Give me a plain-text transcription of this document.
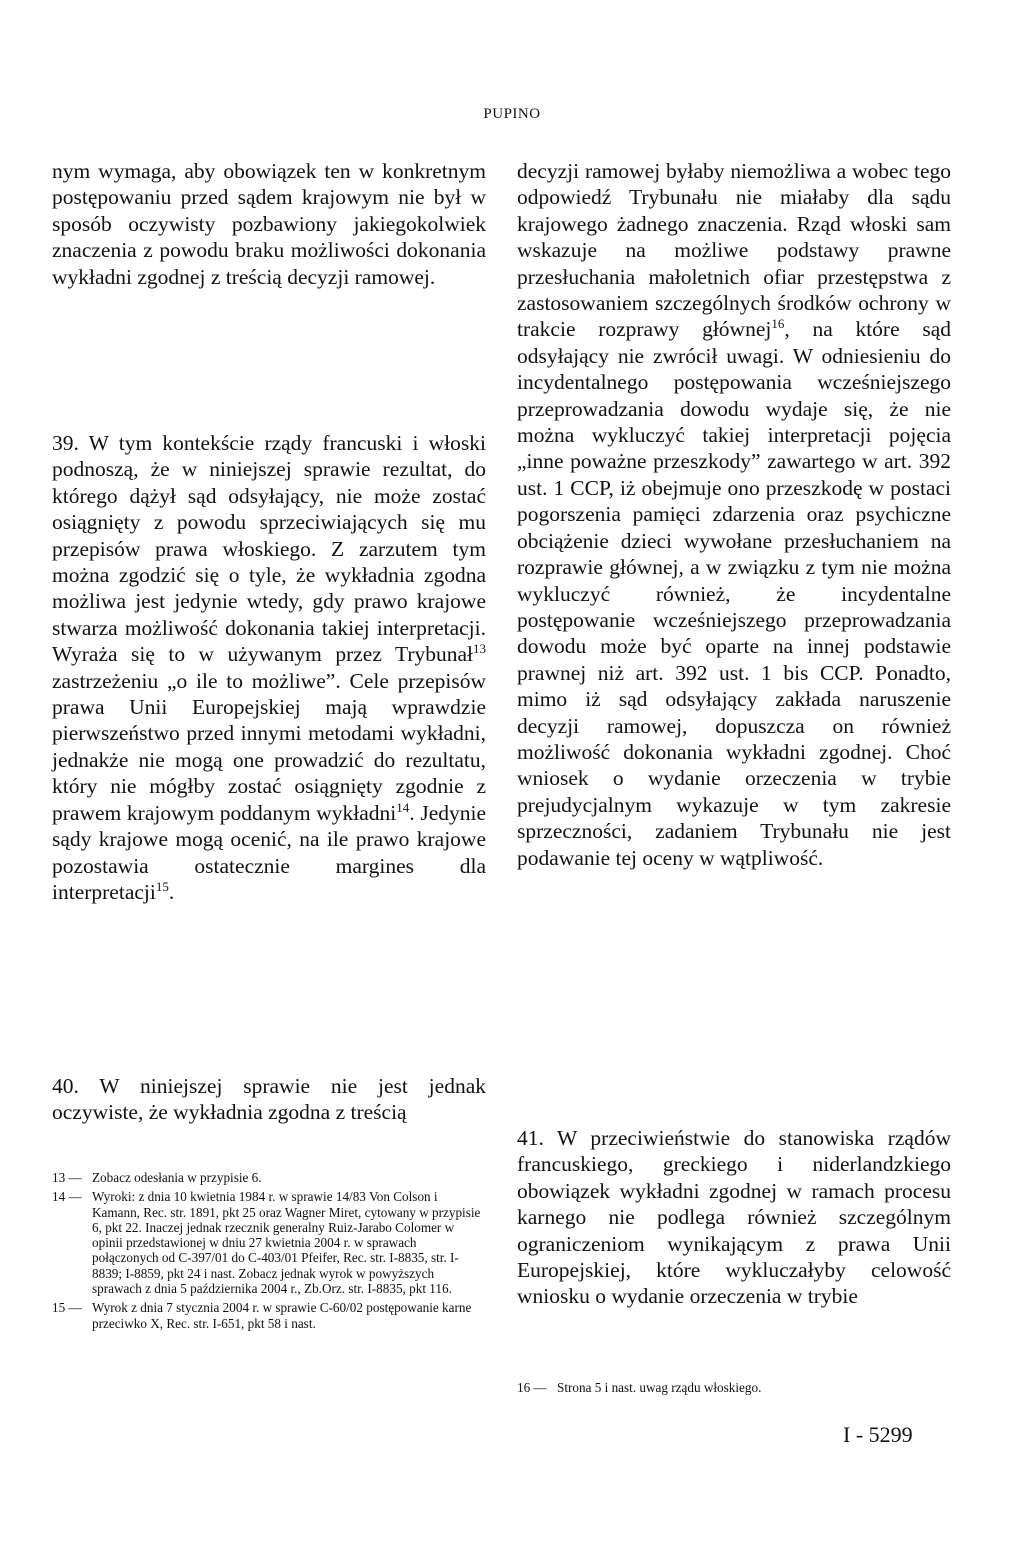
PUPINO

nym wymaga, aby obowiązek ten w konkretnym postępowaniu przed sądem krajowym nie był w sposób oczywisty pozbawiony jakiegokolwiek znaczenia z powodu braku możliwości dokonania wykładni zgodnej z treścią decyzji ramowej.

39. W tym kontekście rządy francuski i włoski podnoszą, że w niniejszej sprawie rezultat, do którego dążył sąd odsyłający, nie może zostać osiągnięty z powodu sprzeciwiających się mu przepisów prawa włoskiego. Z zarzutem tym można zgodzić się o tyle, że wykładnia zgodna możliwa jest jedynie wtedy, gdy prawo krajowe stwarza możliwość dokonania takiej interpretacji. Wyraża się to w używanym przez Trybunał$^{13}$ zastrzeżeniu „o ile to możliwe”. Cele przepisów prawa Unii Europejskiej mają wprawdzie pierwszeństwo przed innymi metodami wykładni, jednakże nie mogą one prowadzić do rezultatu, który nie mógłby zostać osiągnięty zgodnie z prawem krajowym poddanym wykładni$^{14}$. Jedynie sądy krajowe mogą ocenić, na ile prawo krajowe pozostawia ostatecznie margines dla interpretacji$^{15}$.

40. W niniejszej sprawie nie jest jednak oczywiste, że wykładnia zgodna z treścią

13 — Zobacz odesłania w przypisie 6.
14 — Wyroki: z dnia 10 kwietnia 1984 r. w sprawie 14/83 Von Colson i Kamann, Rec. str. 1891, pkt 25 oraz Wagner Miret, cytowany w przypisie 6, pkt 22. Inaczej jednak rzecznik generalny Ruiz-Jarabo Colomer w opinii przedstawionej w dniu 27 kwietnia 2004 r. w sprawach połączonych od C-397/01 do C-403/01 Pfeifer, Rec. str. I-8835, str. I-8839; I-8859, pkt 24 i nast. Zobacz jednak wyrok w powyższych sprawach z dnia 5 października 2004 r., Zb.Orz. str. I-8835, pkt 116.
15 — Wyrok z dnia 7 stycznia 2004 r. w sprawie C-60/02 postępowanie karne przeciwko X, Rec. str. I-651, pkt 58 i nast.

decyzji ramowej byłaby niemożliwa a wobec tego odpowiedź Trybunału nie miałaby dla sądu krajowego żadnego znaczenia. Rząd włoski sam wskazuje na możliwe podstawy prawne przesłuchania małoletnich ofiar przestępstwa z zastosowaniem szczególnych środków ochrony w trakcie rozprawy głównej$^{16}$, na które sąd odsyłający nie zwrócił uwagi. W odniesieniu do incydentalnego postępowania wcześniejszego przeprowadzania dowodu wydaje się, że nie można wykluczyć takiej interpretacji pojęcia „inne poważne przeszkody” zawartego w art. 392 ust. 1 CCP, iż obejmuje ono przeszkodę w postaci pogorszenia pamięci zdarzenia oraz psychiczne obciążenie dzieci wywołane przesłuchaniem na rozprawie głównej, a w związku z tym nie można wykluczyć również, że incydentalne postępowanie wcześniejszego przeprowadzania dowodu może być oparte na innej podstawie prawnej niż art. 392 ust. 1 bis CCP. Ponadto, mimo iż sąd odsyłający zakłada naruszenie decyzji ramowej, dopuszcza on również możliwość dokonania wykładni zgodnej. Choć wniosek o wydanie orzeczenia w trybie prejudycjalnym wykazuje w tym zakresie sprzeczności, zadaniem Trybunału nie jest podawanie tej oceny w wątpliwość.

41. W przeciwieństwie do stanowiska rządów francuskiego, greckiego i niderlandzkiego obowiązek wykładni zgodnej w ramach procesu karnego nie podlega również szczególnym ograniczeniom wynikającym z prawa Unii Europejskiej, które wykluczałyby celowość wniosku o wydanie orzeczenia w trybie

16 — Strona 5 i nast. uwag rządu włoskiego.
I - 5299
